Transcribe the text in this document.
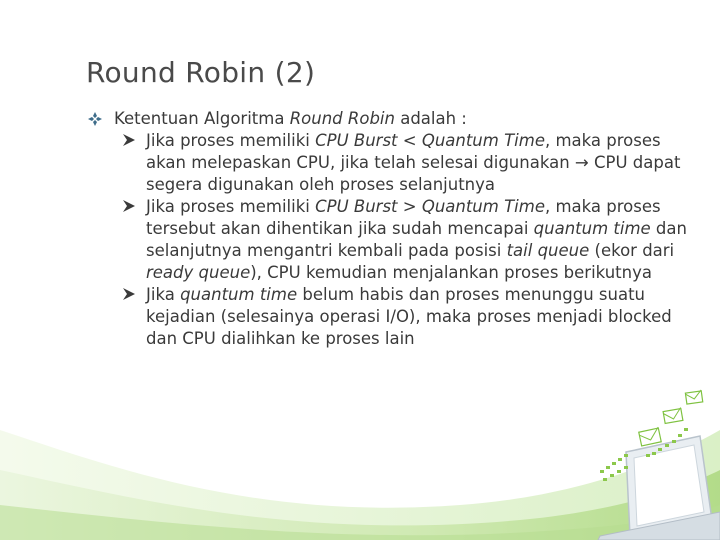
Round Robin (2)
Ketentuan Algoritma Round Robin adalah :
Jika proses memiliki CPU Burst < Quantum Time, maka proses akan melepaskan CPU, jika telah selesai digunakan → CPU dapat segera digunakan oleh proses selanjutnya
Jika proses memiliki CPU Burst > Quantum Time, maka proses tersebut akan dihentikan jika sudah mencapai quantum time dan selanjutnya mengantri kembali pada posisi tail queue (ekor dari ready queue), CPU kemudian menjalankan proses berikutnya
Jika quantum time belum habis dan proses menunggu suatu kejadian (selesainya operasi I/O), maka proses menjadi blocked dan CPU dialihkan ke proses lain
